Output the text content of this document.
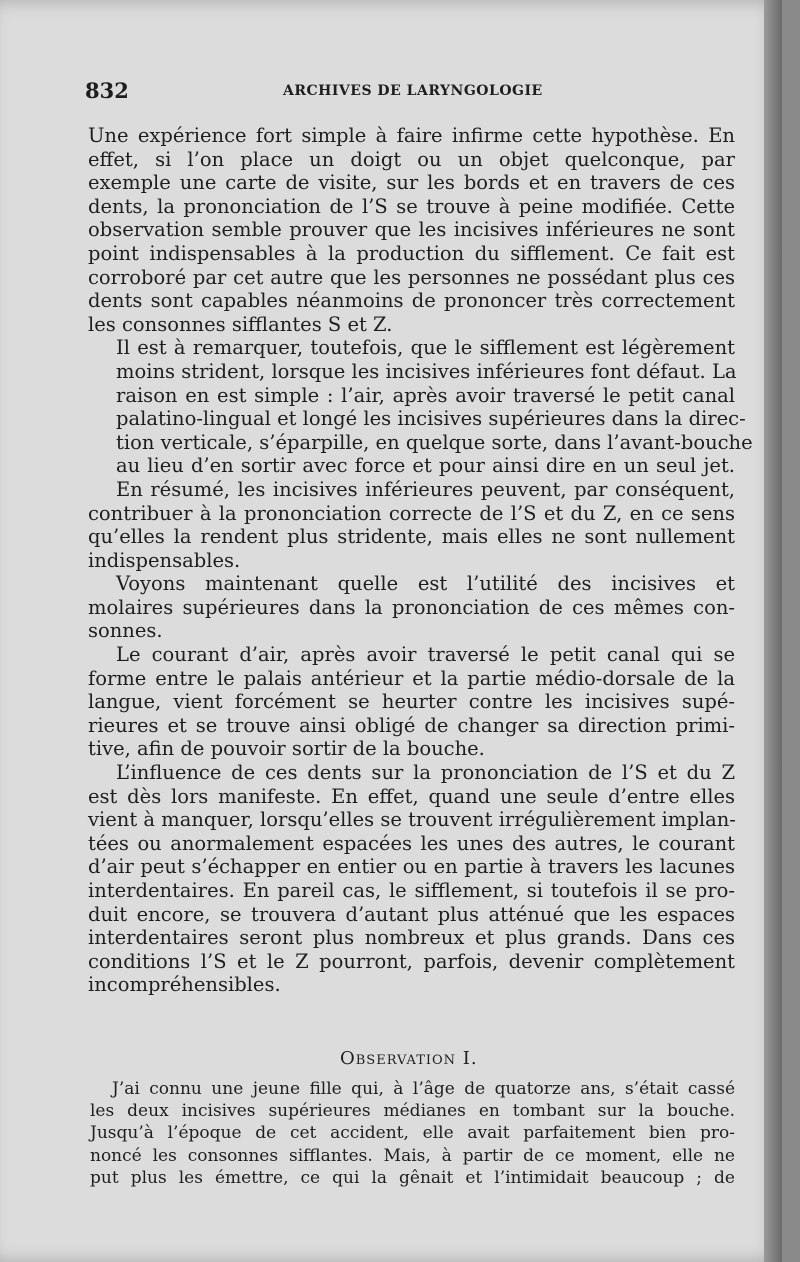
832	ARCHIVES DE LARYNGOLOGIE

Une expérience fort simple à faire infirme cette hypothèse. En
effet, si l’on place un doigt ou un objet quelconque, par
exemple une carte de visite, sur les bords et en travers de ces
dents, la prononciation de l’S se trouve à peine modifiée. Cette
observation semble prouver que les incisives inférieures ne sont
point indispensables à la production du sifflement. Ce fait est
corroboré par cet autre que les personnes ne possédant plus ces
dents sont capables néanmoins de prononcer très correctement
les consonnes sifflantes S et Z.

Il est à remarquer, toutefois, que le sifflement est légèrement
moins strident, lorsque les incisives inférieures font défaut. La
raison en est simple : l’air, après avoir traversé le petit canal
palatino-lingual et longé les incisives supérieures dans la direc-
tion verticale, s’éparpille, en quelque sorte, dans l’avant-bouche
au lieu d’en sortir avec force et pour ainsi dire en un seul jet.

En résumé, les incisives inférieures peuvent, par conséquent,
contribuer à la prononciation correcte de l’S et du Z, en ce sens
qu’elles la rendent plus stridente, mais elles ne sont nullement
indispensables.

Voyons maintenant quelle est l’utilité des incisives et
molaires supérieures dans la prononciation de ces mêmes con-
sonnes.

Le courant d’air, après avoir traversé le petit canal qui se
forme entre le palais antérieur et la partie médio-dorsale de la
langue, vient forcément se heurter contre les incisives supé-
rieures et se trouve ainsi obligé de changer sa direction primi-
tive, afin de pouvoir sortir de la bouche.

L’influence de ces dents sur la prononciation de l’S et du Z
est dès lors manifeste. En effet, quand une seule d’entre elles
vient à manquer, lorsqu’elles se trouvent irrégulièrement implan-
tées ou anormalement espacées les unes des autres, le courant
d’air peut s’échapper en entier ou en partie à travers les lacunes
interdentaires. En pareil cas, le sifflement, si toutefois il se pro-
duit encore, se trouvera d’autant plus atténué que les espaces
interdentaires seront plus nombreux et plus grands. Dans ces
conditions l’S et le Z pourront, parfois, devenir complètement
incompréhensibles.

Observation I.
J’ai connu une jeune fille qui, à l’âge de quatorze ans, s’était cassé
les deux incisives supérieures médianes en tombant sur la bouche.
Jusqu’à l’époque de cet accident, elle avait parfaitement bien pro-
noncé les consonnes sifflantes. Mais, à partir de ce moment, elle ne
put plus les émettre, ce qui la gênait et l’intimidait beaucoup ; de
